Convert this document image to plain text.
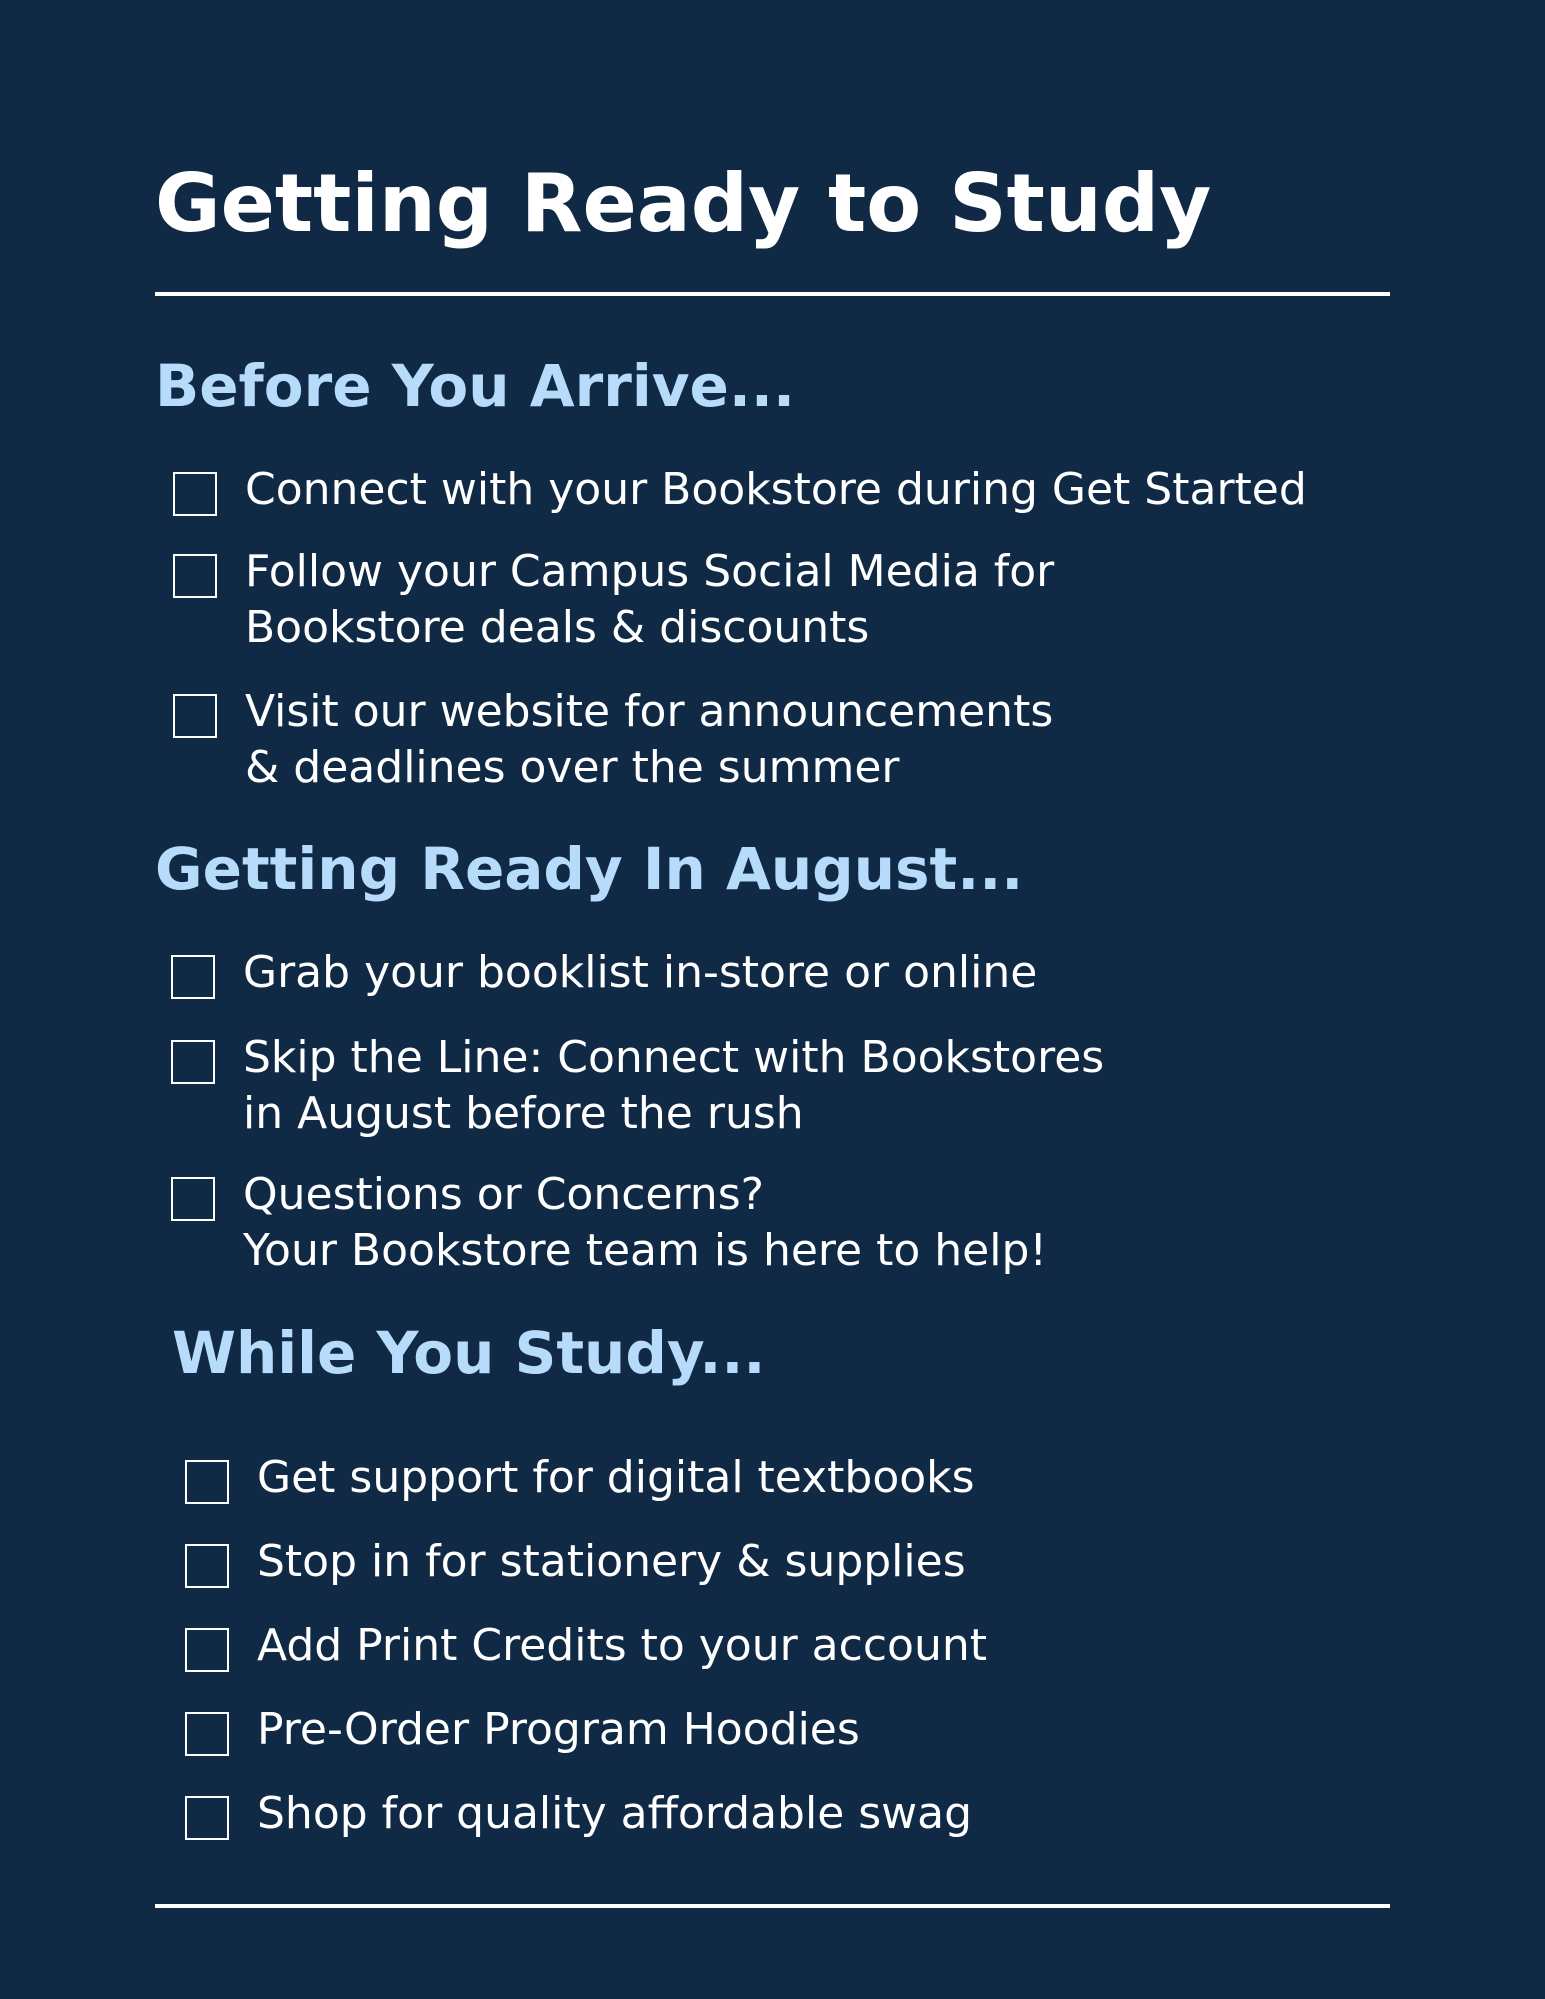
Getting Ready to Study
Before You Arrive...
Connect with your Bookstore during Get Started
Follow your Campus Social Media for
Bookstore deals & discounts
Visit our website for announcements
& deadlines over the summer
Getting Ready In August...
Grab your booklist in-store or online
Skip the Line: Connect with Bookstores
in August before the rush
Questions or Concerns?
Your Bookstore team is here to help!
While You Study...
Get support for digital textbooks
Stop in for stationery & supplies
Add Print Credits to your account
Pre-Order Program Hoodies
Shop for quality affordable swag
